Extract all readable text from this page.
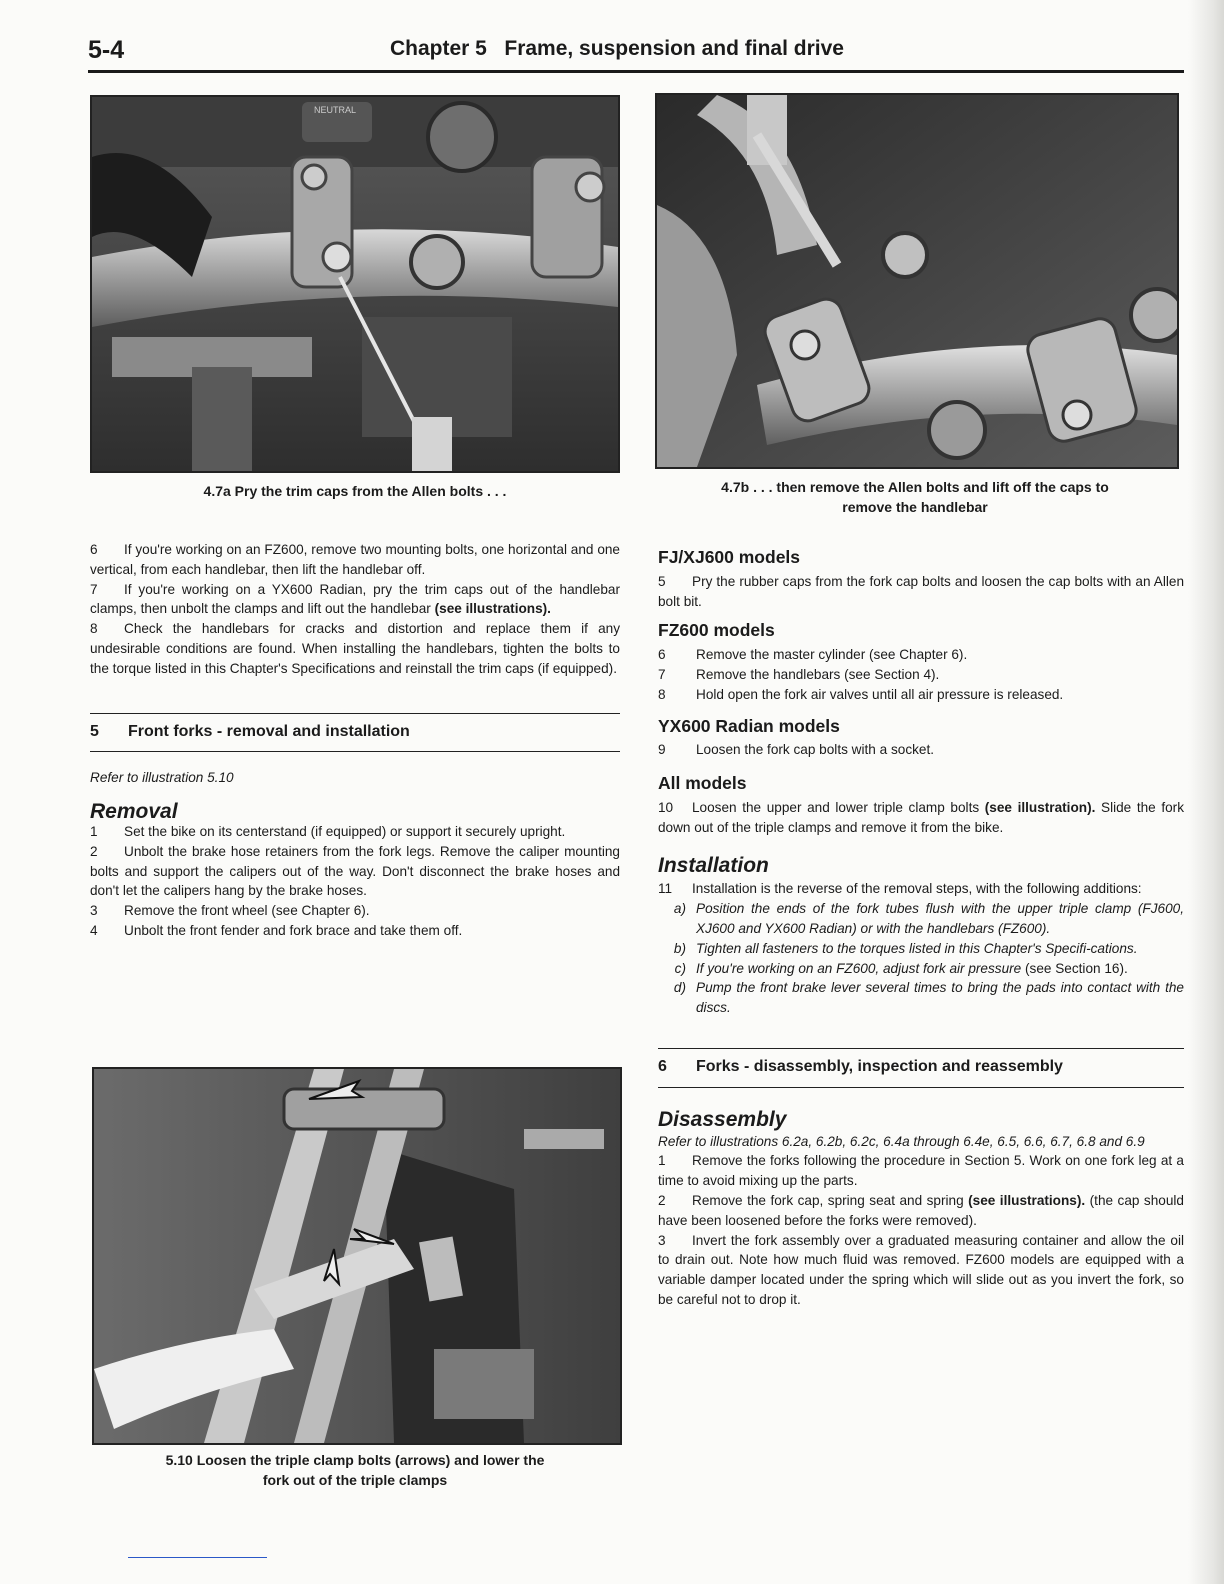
5-4	Chapter 5   Frame, suspension and final drive
NEUTRAL
4.7a Pry the trim caps from the Allen bolts . . .	4.7b . . . then remove the Allen bolts and lift off the caps to
remove the handlebar
5.10 Loosen the triple clamp bolts (arrows) and lower the
fork out of the triple clamps

6 If you're working on an FZ600, remove two mounting bolts, one horizontal and one vertical, from each handlebar, then lift the handlebar off.

7 If you're working on a YX600 Radian, pry the trim caps out of the handlebar clamps, then unbolt the clamps and lift out the handlebar (see illustrations).

8 Check the handlebars for cracks and distortion and replace them if any undesirable conditions are found. When installing the handlebars, tighten the bolts to the torque listed in this Chapter's Specifications and reinstall the trim caps (if equipped).

5	Front forks - removal and installation

Refer to illustration 5.10

Removal

1 Set the bike on its centerstand (if equipped) or support it securely upright.

2 Unbolt the brake hose retainers from the fork legs. Remove the caliper mounting bolts and support the calipers out of the way. Don't disconnect the brake hoses and don't let the calipers hang by the brake hoses.

3 Remove the front wheel (see Chapter 6).

4 Unbolt the front fender and fork brace and take them off.

FJ/XJ600 models

5 Pry the rubber caps from the fork cap bolts and loosen the cap bolts with an Allen bolt bit.

FZ600 models

6	Remove the master cylinder (see Chapter 6).
7	Remove the handlebars (see Section 4).
8	Hold open the fork air valves until all air pressure is released.

YX600 Radian models

9	Loosen the fork cap bolts with a socket.

All models

10 Loosen the upper and lower triple clamp bolts (see illustration). Slide the fork down out of the triple clamps and remove it from the bike.

Installation

11 Installation is the reverse of the removal steps, with the following additions:

a) Position the ends of the fork tubes flush with the upper triple clamp (FJ600, XJ600 and YX600 Radian) or with the handlebars (FZ600).
b) Tighten all fasteners to the torques listed in this Chapter's Specifi-cations.
c) If you're working on an FZ600, adjust fork air pressure (see Section 16).
d) Pump the front brake lever several times to bring the pads into contact with the discs.
6	Forks - disassembly, inspection and reassembly

Disassembly

Refer to illustrations 6.2a, 6.2b, 6.2c, 6.4a through 6.4e, 6.5, 6.6, 6.7, 6.8 and 6.9

1 Remove the forks following the procedure in Section 5. Work on one fork leg at a time to avoid mixing up the parts.

2 Remove the fork cap, spring seat and spring (see illustrations). (the cap should have been loosened before the forks were removed).

3 Invert the fork assembly over a graduated measuring container and allow the oil to drain out. Note how much fluid was removed. FZ600 models are equipped with a variable damper located under the spring which will slide out as you invert the fork, so be careful not to drop it.
